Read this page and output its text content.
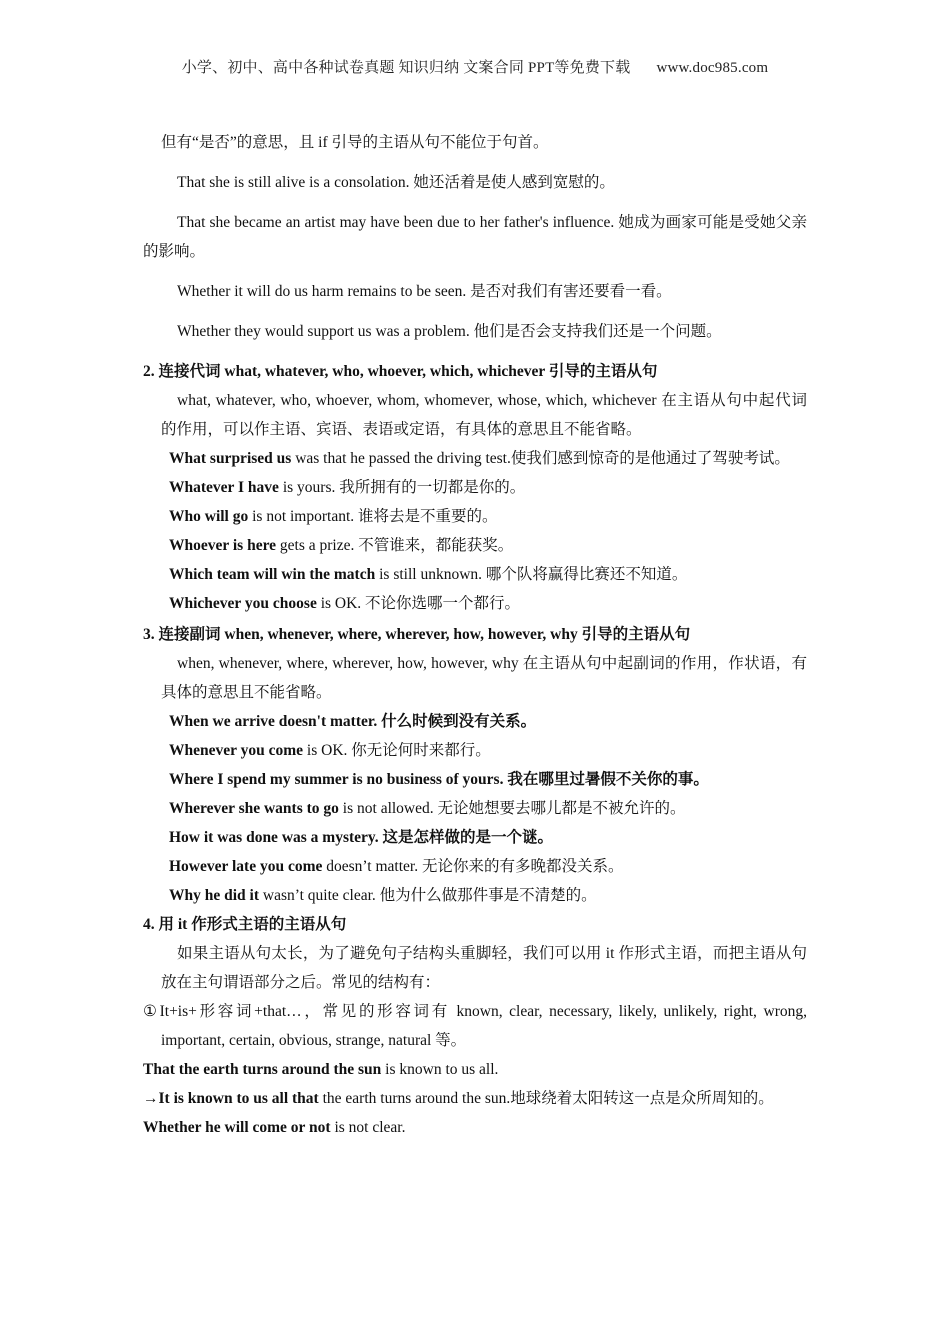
小学、初中、高中各种试卷真题 知识归纳 文案合同 PPT等免费下载 www.doc985.com

但有“是否”的意思，且 if 引导的主语从句不能位于句首。

That she is still alive is a consolation. 她还活着是使人感到宽慰的。

That she became an artist may have been due to her father's influence. 她成为画家可能是受她父亲的影响。

Whether it will do us harm remains to be seen. 是否对我们有害还要看一看。

Whether they would support us was a problem. 他们是否会支持我们还是一个问题。

2. 连接代词 what, whatever, who, whoever, which, whichever 引导的主语从句

what, whatever, who, whoever, whom, whomever, whose, which, whichever 在主语从句中起代词的作用，可以作主语、宾语、表语或定语，有具体的意思且不能省略。

What surprised us was that he passed the driving test.使我们感到惊奇的是他通过了驾驶考试。

Whatever I have is yours. 我所拥有的一切都是你的。

Who will go is not important. 谁将去是不重要的。

Whoever is here gets a prize. 不管谁来，都能获奖。

Which team will win the match is still unknown. 哪个队将赢得比赛还不知道。

Whichever you choose is OK. 不论你选哪一个都行。

3. 连接副词 when, whenever, where, wherever, how, however, why 引导的主语从句

when, whenever, where, wherever, how, however, why 在主语从句中起副词的作用，作状语，有具体的意思且不能省略。

When we arrive doesn't matter. 什么时候到没有关系。

Whenever you come is OK. 你无论何时来都行。

Where I spend my summer is no business of yours. 我在哪里过暑假不关你的事。

Wherever she wants to go is not allowed. 无论她想要去哪儿都是不被允许的。

How it was done was a mystery. 这是怎样做的是一个谜。

However late you come doesn’t matter. 无论你来的有多晚都没关系。

Why he did it wasn’t quite clear. 他为什么做那件事是不清楚的。

4. 用 it 作形式主语的主语从句

如果主语从句太长，为了避免句子结构头重脚轻，我们可以用 it 作形式主语，而把主语从句放在主句谓语部分之后。常见的结构有：

①It+is+形容词+that…，常见的形容词有 known, clear, necessary, likely, unlikely, right, wrong, important, certain, obvious, strange, natural 等。

That the earth turns around the sun is known to us all.

→It is known to us all that the earth turns around the sun.地球绕着太阳转这一点是众所周知的。

Whether he will come or not is not clear.
